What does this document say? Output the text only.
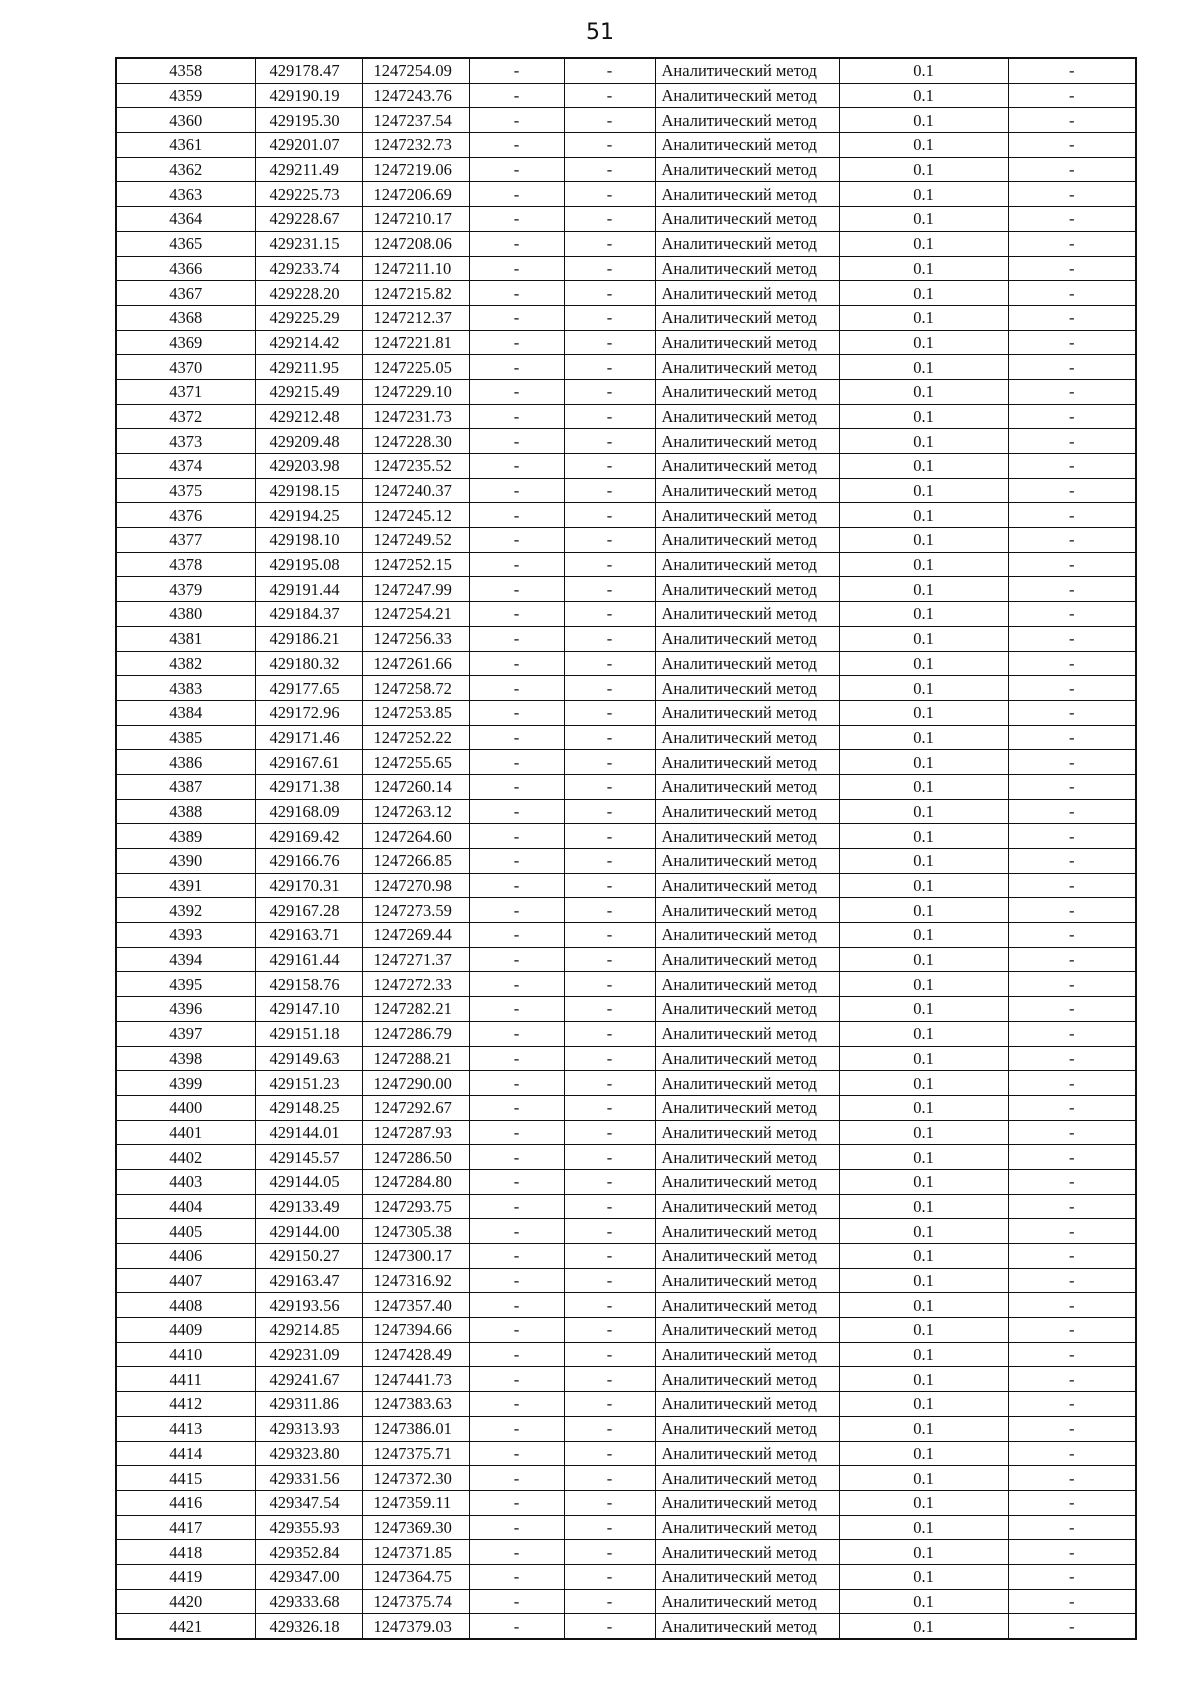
51
4358	429178.47	1247254.09	-	-	Аналитический метод	0.1	-
4359	429190.19	1247243.76	-	-	Аналитический метод	0.1	-
4360	429195.30	1247237.54	-	-	Аналитический метод	0.1	-
4361	429201.07	1247232.73	-	-	Аналитический метод	0.1	-
4362	429211.49	1247219.06	-	-	Аналитический метод	0.1	-
4363	429225.73	1247206.69	-	-	Аналитический метод	0.1	-
4364	429228.67	1247210.17	-	-	Аналитический метод	0.1	-
4365	429231.15	1247208.06	-	-	Аналитический метод	0.1	-
4366	429233.74	1247211.10	-	-	Аналитический метод	0.1	-
4367	429228.20	1247215.82	-	-	Аналитический метод	0.1	-
4368	429225.29	1247212.37	-	-	Аналитический метод	0.1	-
4369	429214.42	1247221.81	-	-	Аналитический метод	0.1	-
4370	429211.95	1247225.05	-	-	Аналитический метод	0.1	-
4371	429215.49	1247229.10	-	-	Аналитический метод	0.1	-
4372	429212.48	1247231.73	-	-	Аналитический метод	0.1	-
4373	429209.48	1247228.30	-	-	Аналитический метод	0.1	-
4374	429203.98	1247235.52	-	-	Аналитический метод	0.1	-
4375	429198.15	1247240.37	-	-	Аналитический метод	0.1	-
4376	429194.25	1247245.12	-	-	Аналитический метод	0.1	-
4377	429198.10	1247249.52	-	-	Аналитический метод	0.1	-
4378	429195.08	1247252.15	-	-	Аналитический метод	0.1	-
4379	429191.44	1247247.99	-	-	Аналитический метод	0.1	-
4380	429184.37	1247254.21	-	-	Аналитический метод	0.1	-
4381	429186.21	1247256.33	-	-	Аналитический метод	0.1	-
4382	429180.32	1247261.66	-	-	Аналитический метод	0.1	-
4383	429177.65	1247258.72	-	-	Аналитический метод	0.1	-
4384	429172.96	1247253.85	-	-	Аналитический метод	0.1	-
4385	429171.46	1247252.22	-	-	Аналитический метод	0.1	-
4386	429167.61	1247255.65	-	-	Аналитический метод	0.1	-
4387	429171.38	1247260.14	-	-	Аналитический метод	0.1	-
4388	429168.09	1247263.12	-	-	Аналитический метод	0.1	-
4389	429169.42	1247264.60	-	-	Аналитический метод	0.1	-
4390	429166.76	1247266.85	-	-	Аналитический метод	0.1	-
4391	429170.31	1247270.98	-	-	Аналитический метод	0.1	-
4392	429167.28	1247273.59	-	-	Аналитический метод	0.1	-
4393	429163.71	1247269.44	-	-	Аналитический метод	0.1	-
4394	429161.44	1247271.37	-	-	Аналитический метод	0.1	-
4395	429158.76	1247272.33	-	-	Аналитический метод	0.1	-
4396	429147.10	1247282.21	-	-	Аналитический метод	0.1	-
4397	429151.18	1247286.79	-	-	Аналитический метод	0.1	-
4398	429149.63	1247288.21	-	-	Аналитический метод	0.1	-
4399	429151.23	1247290.00	-	-	Аналитический метод	0.1	-
4400	429148.25	1247292.67	-	-	Аналитический метод	0.1	-
4401	429144.01	1247287.93	-	-	Аналитический метод	0.1	-
4402	429145.57	1247286.50	-	-	Аналитический метод	0.1	-
4403	429144.05	1247284.80	-	-	Аналитический метод	0.1	-
4404	429133.49	1247293.75	-	-	Аналитический метод	0.1	-
4405	429144.00	1247305.38	-	-	Аналитический метод	0.1	-
4406	429150.27	1247300.17	-	-	Аналитический метод	0.1	-
4407	429163.47	1247316.92	-	-	Аналитический метод	0.1	-
4408	429193.56	1247357.40	-	-	Аналитический метод	0.1	-
4409	429214.85	1247394.66	-	-	Аналитический метод	0.1	-
4410	429231.09	1247428.49	-	-	Аналитический метод	0.1	-
4411	429241.67	1247441.73	-	-	Аналитический метод	0.1	-
4412	429311.86	1247383.63	-	-	Аналитический метод	0.1	-
4413	429313.93	1247386.01	-	-	Аналитический метод	0.1	-
4414	429323.80	1247375.71	-	-	Аналитический метод	0.1	-
4415	429331.56	1247372.30	-	-	Аналитический метод	0.1	-
4416	429347.54	1247359.11	-	-	Аналитический метод	0.1	-
4417	429355.93	1247369.30	-	-	Аналитический метод	0.1	-
4418	429352.84	1247371.85	-	-	Аналитический метод	0.1	-
4419	429347.00	1247364.75	-	-	Аналитический метод	0.1	-
4420	429333.68	1247375.74	-	-	Аналитический метод	0.1	-
4421	429326.18	1247379.03	-	-	Аналитический метод	0.1	-
